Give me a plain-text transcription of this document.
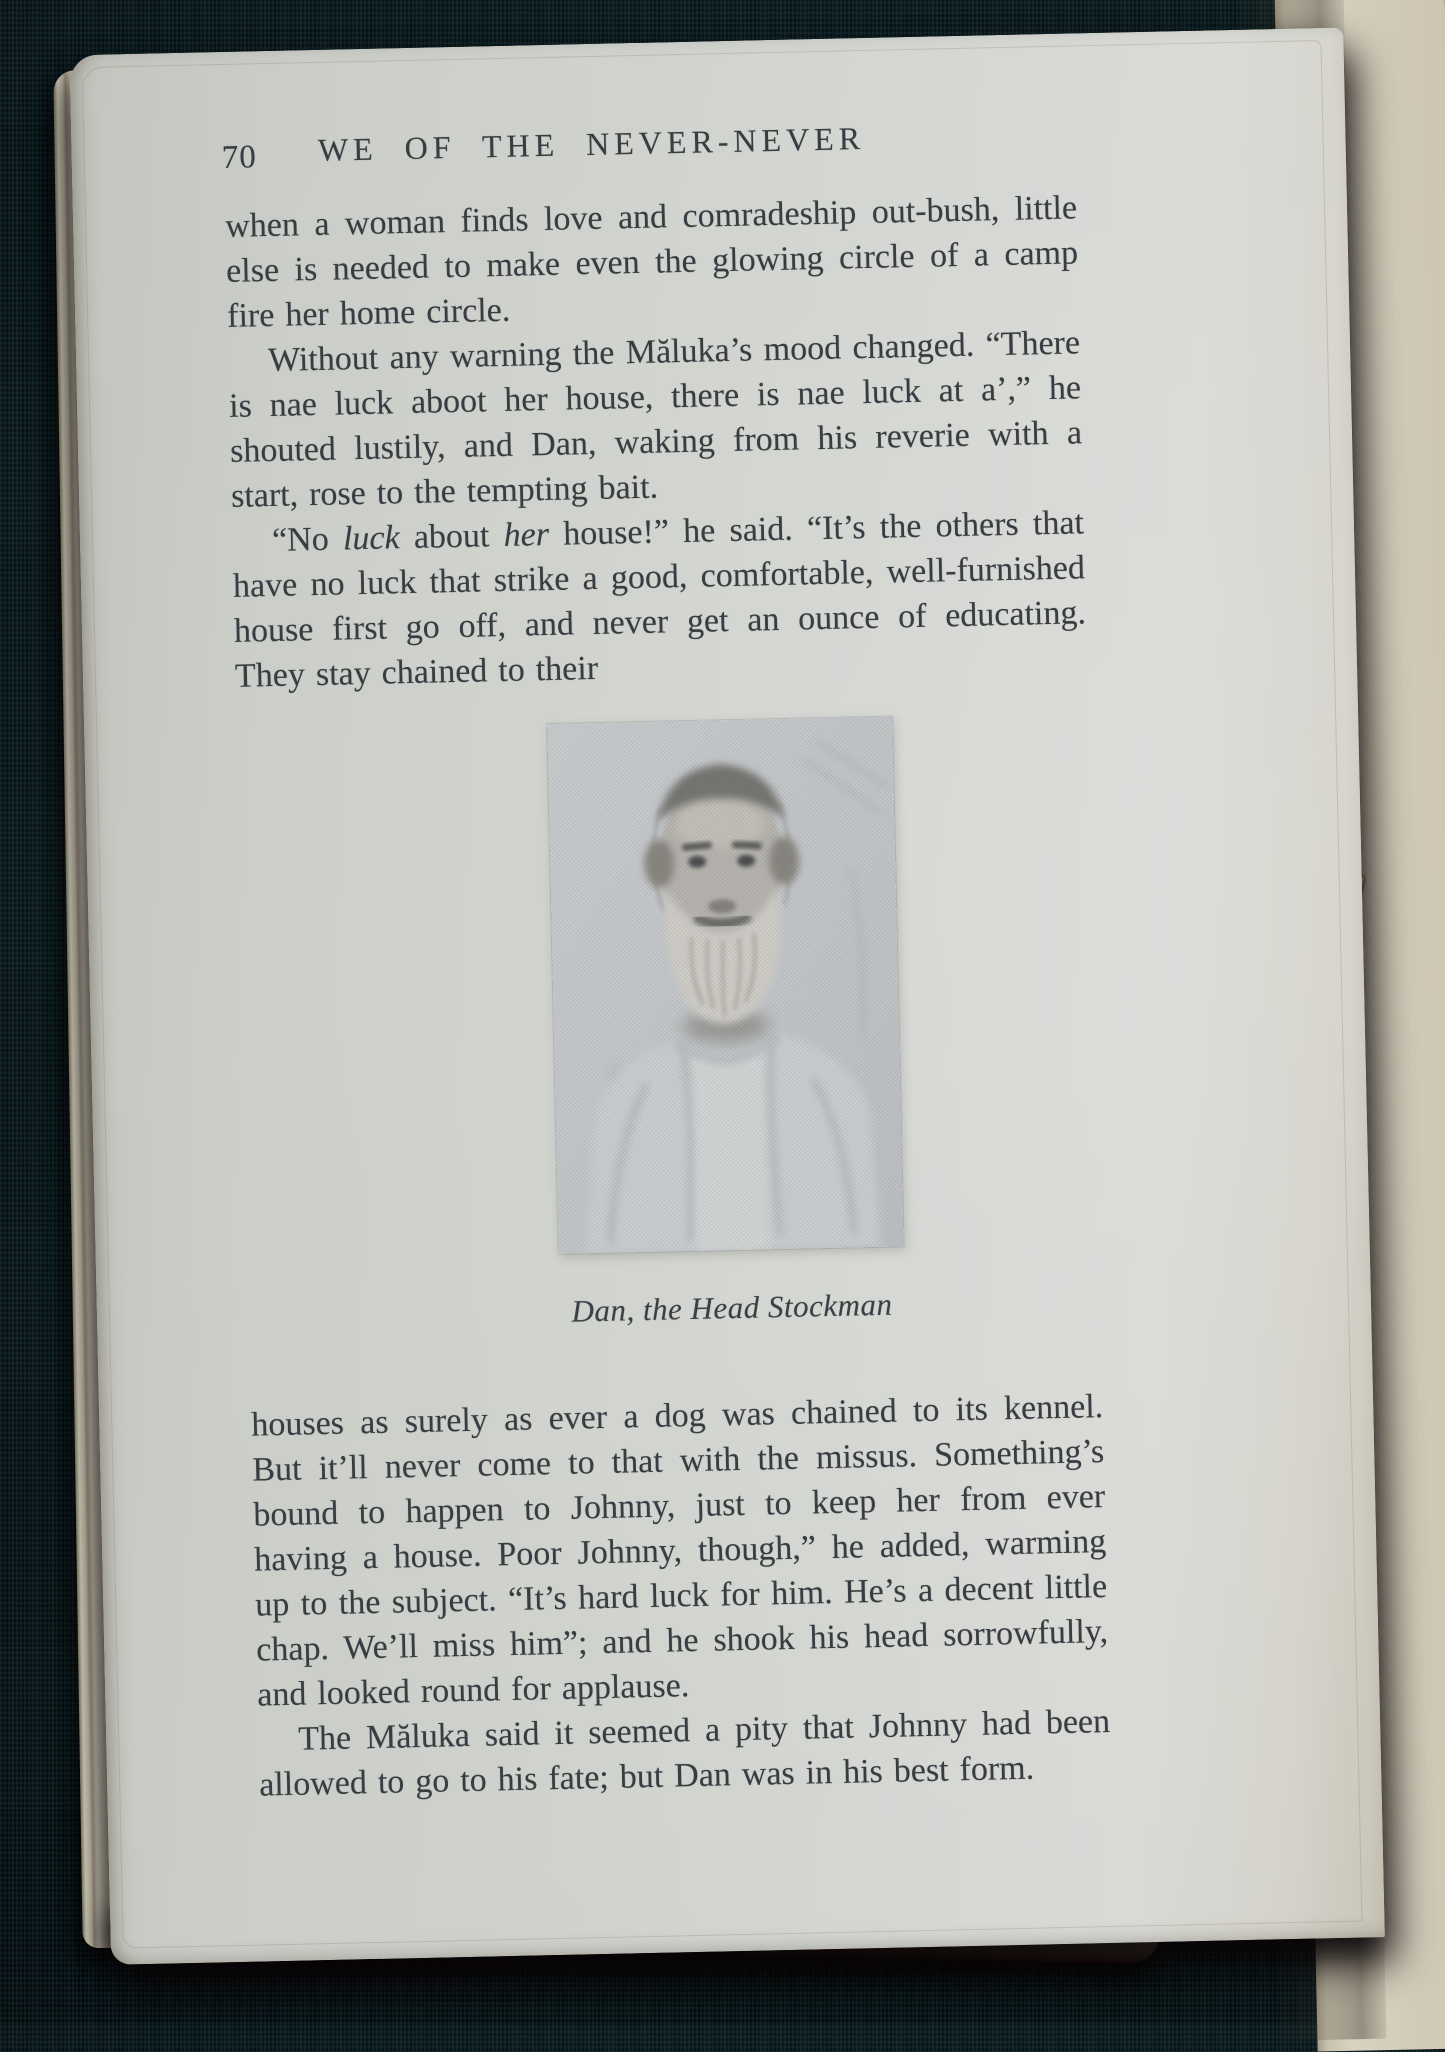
70 WE OF THE NEVER-NEVER

when a woman finds love and comradeship out-bush, little else is needed to make even the glowing circle of a camp fire her home circle.

Without any warning the Măluka’s mood changed. “There is nae luck aboot her house, there is nae luck at a’,” he shouted lustily, and Dan, waking from his reverie with a start, rose to the tempting bait.

“No luck about her house!” he said. “It’s the others that have no luck that strike a good, comfortable, well-furnished house first go off, and never get an ounce of educating. They stay chained to their

Dan, the Head Stockman

houses as surely as ever a dog was chained to its kennel. But it’ll never come to that with the missus. Something’s bound to happen to Johnny, just to keep her from ever having a house. Poor Johnny, though,” he added, warming up to the subject. “It’s hard luck for him. He’s a decent little chap. We’ll miss him”; and he shook his head sorrowfully, and looked round for applause.

The Măluka said it seemed a pity that Johnny had been allowed to go to his fate; but Dan was in his best form.
